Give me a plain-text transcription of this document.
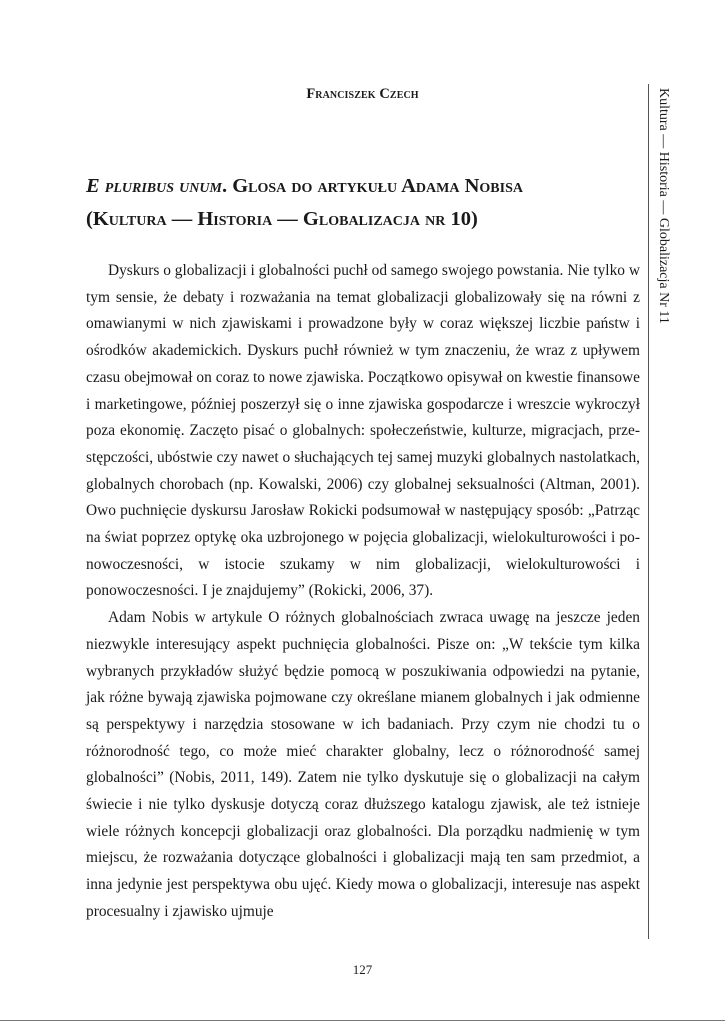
Franciszek Czech
E pluribus unum. Glosa do artykułu Adama Nobisa
(Kultura — Historia — Globalizacja nr 10)

Dyskurs o globalizacji i globalności puchł od samego swojego powstania. Nie tylko w tym sensie, że debaty i rozważania na temat globalizacji globalizowały się na równi z omawianymi w nich zjawiskami i prowadzone były w coraz większej liczbie państw i ośrodków akademickich. Dyskurs puchł również w tym znaczeniu, że wraz z upływem czasu obejmował on coraz to nowe zjawiska. Początkowo opisywał on kwestie finansowe i marketingowe, później poszerzył się o inne zjawiska gospodarcze i wreszcie wykroczył poza ekonomię. Zaczęto pisać o globalnych: społeczeństwie, kulturze, migracjach, przestępczości, ubóstwie czy nawet o słuchających tej samej muzyki globalnych nastolatkach, globalnych chorobach (np. Kowalski, 2006) czy globalnej seksualności (Altman, 2001). Owo puchnięcie dyskursu Jarosław Rokicki podsumował w następujący sposób: „Patrząc na świat poprzez optykę oka uzbrojonego w pojęcia globalizacji, wielokulturowości i ponowoczesności, w istocie szukamy w nim globalizacji, wielokulturowości i ponowoczesności. I je znajdujemy” (Rokicki, 2006, 37).

Adam Nobis w artykule O różnych globalnościach zwraca uwagę na jeszcze jeden niezwykle interesujący aspekt puchnięcia globalności. Pisze on: „W tekście tym kilka wybranych przykładów służyć będzie pomocą w poszukiwania odpowiedzi na pytanie, jak różne bywają zjawiska pojmowane czy określane mianem globalnych i jak odmienne są perspektywy i narzędzia stosowane w ich badaniach. Przy czym nie chodzi tu o różnorodność tego, co może mieć charakter globalny, lecz o różnorodność samej globalności” (Nobis, 2011, 149). Zatem nie tylko dyskutuje się o globalizacji na całym świecie i nie tylko dyskusje dotyczą coraz dłuższego katalogu zjawisk, ale też istnieje wiele różnych koncepcji globalizacji oraz globalności. Dla porządku nadmienię w tym miejscu, że rozważania dotyczące globalności i globalizacji mają ten sam przedmiot, a inna jedynie jest perspektywa obu ujęć. Kiedy mowa o globalizacji, interesuje nas aspekt procesualny i zjawisko ujmuje

Kultura — Historia — Globalizacja Nr 11
127
